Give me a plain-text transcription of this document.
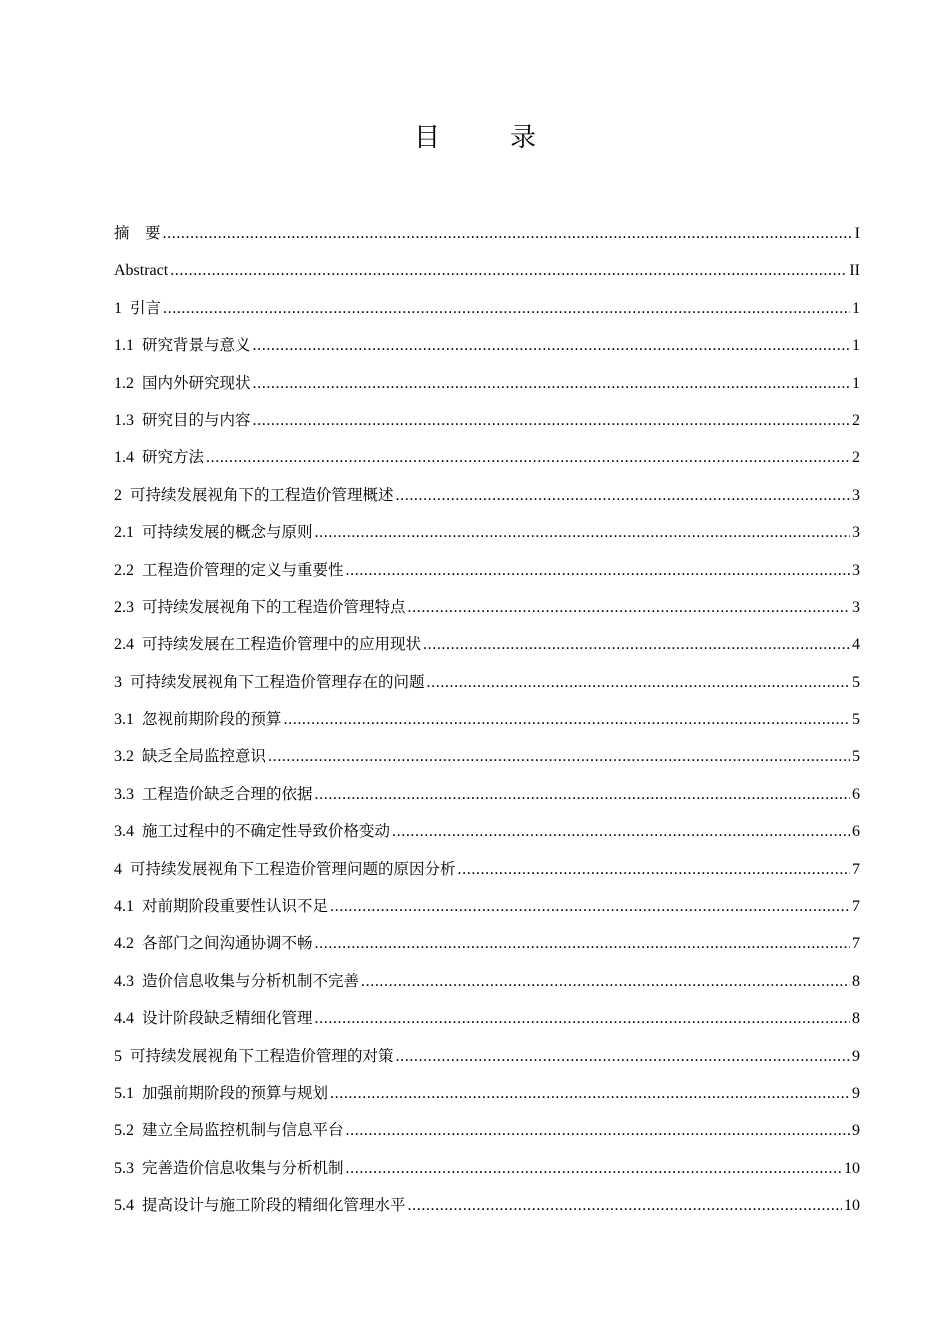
目　录
摘　要 .....	I
Abstract .....	II
1 引言 .....	1
1.1 研究背景与意义 .....	1
1.2 国内外研究现状 .....	1
1.3 研究目的与内容 .....	2
1.4 研究方法 .....	2
2 可持续发展视角下的工程造价管理概述 .....	3
2.1 可持续发展的概念与原则 .....	3
2.2 工程造价管理的定义与重要性 .....	3
2.3 可持续发展视角下的工程造价管理特点 .....	3
2.4 可持续发展在工程造价管理中的应用现状 .....	4
3 可持续发展视角下工程造价管理存在的问题 .....	5
3.1 忽视前期阶段的预算 .....	5
3.2 缺乏全局监控意识 .....	5
3.3 工程造价缺乏合理的依据 .....	6
3.4 施工过程中的不确定性导致价格变动 .....	6
4 可持续发展视角下工程造价管理问题的原因分析 .....	7
4.1 对前期阶段重要性认识不足 .....	7
4.2 各部门之间沟通协调不畅 .....	7
4.3 造价信息收集与分析机制不完善 .....	8
4.4 设计阶段缺乏精细化管理 .....	8
5 可持续发展视角下工程造价管理的对策 .....	9
5.1 加强前期阶段的预算与规划 .....	9
5.2 建立全局监控机制与信息平台 .....	9
5.3 完善造价信息收集与分析机制 .....	10
5.4 提高设计与施工阶段的精细化管理水平 .....	10
